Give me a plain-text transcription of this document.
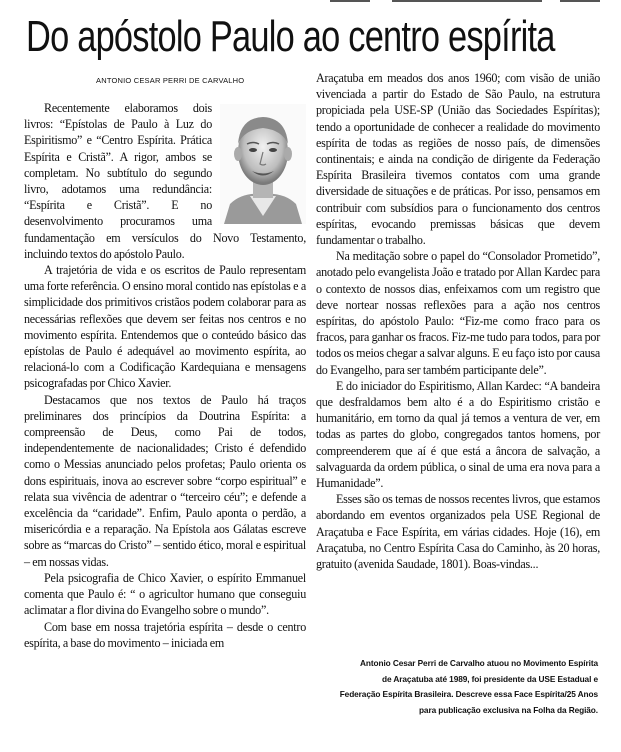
Do apóstolo Paulo ao centro espírita
ANTONIO CESAR PERRI DE CARVALHO

Recentemente elaboramos dois livros: “Epístolas de Paulo à Luz do Espiritismo” e “Centro Espírita. Prática Espírita e Cristã”. A rigor, ambos se completam. No subtítulo do segundo livro, adotamos uma redundância: “Espírita e Cristã”. E no desenvolvimento procuramos uma fundamentação em versículos do Novo Testamento, incluindo textos do apóstolo Paulo.

A trajetória de vida e os escritos de Paulo representam uma forte referência. O ensino moral contido nas epístolas e a simplicidade dos primitivos cristãos podem colaborar para as necessárias reflexões que devem ser feitas nos centros e no movimento espírita. Entendemos que o conteúdo básico das epístolas de Paulo é adequável ao movimento espírita, ao relacioná-lo com a Codificação Kardequiana e mensagens psicografadas por Chico Xavier.

Destacamos que nos textos de Paulo há traços preliminares dos princípios da Doutrina Espírita: a compreensão de Deus, como Pai de todos, independentemente de nacionalidades; Cristo é defendido como o Messias anunciado pelos profetas; Paulo orienta os dons espirituais, inova ao escrever sobre “corpo espiritual” e relata sua vivência de adentrar o “terceiro céu”; e defende a excelência da “caridade”. Enfim, Paulo aponta o perdão, a misericórdia e a reparação. Na Epístola aos Gálatas escreve sobre as “marcas do Cristo” – sentido ético, moral e espiritual – em nossas vidas.

Pela psicografia de Chico Xavier, o espírito Emmanuel comenta que Paulo é: “ o agricultor humano que conseguiu aclimatar a flor divina do Evangelho sobre o mundo”.

Com base em nossa trajetória espírita – desde o centro espírita, a base do movimento – iniciada em

Araçatuba em meados dos anos 1960; com visão de união vivenciada a partir do Estado de São Paulo, na estrutura propiciada pela USE-SP (União das Sociedades Espíritas); tendo a oportunidade de conhecer a realidade do movimento espírita de todas as regiões de nosso país, de dimensões continentais; e ainda na condição de dirigente da Federação Espírita Brasileira tivemos contatos com uma grande diversidade de situações e de práticas. Por isso, pensamos em contribuir com subsídios para o funcionamento dos centros espíritas, evocando premissas básicas que devem fundamentar o trabalho.

Na meditação sobre o papel do “Consolador Prometido”, anotado pelo evangelista João e tratado por Allan Kardec para o contexto de nossos dias, enfeixamos com um registro que deve nortear nossas reflexões para a ação nos centros espíritas, do apóstolo Paulo: “Fiz-me como fraco para os fracos, para ganhar os fracos. Fiz-me tudo para todos, para por todos os meios chegar a salvar alguns. E eu faço isto por causa do Evangelho, para ser também participante dele”.

E do iniciador do Espiritismo, Allan Kardec: “A bandeira que desfraldamos bem alto é a do Espiritismo cristão e humanitário, em torno da qual já temos a ventura de ver, em todas as partes do globo, congregados tantos homens, por compreenderem que aí é que está a âncora de salvação, a salvaguarda da ordem pública, o sinal de uma era nova para a Humanidade”.

Esses são os temas de nossos recentes livros, que estamos abordando em eventos organizados pela USE Regional de Araçatuba e Face Espírita, em várias cidades. Hoje (16), em Araçatuba, no Centro Espírita Casa do Caminho, às 20 horas, gratuito (avenida Saudade, 1801). Boas-vindas...

Antonio Cesar Perri de Carvalho atuou no Movimento Espírita
de Araçatuba até 1989, foi presidente da USE Estadual e
Federação Espírita Brasileira. Descreve essa Face Espírita/25 Anos
para publicação exclusiva na Folha da Região.
